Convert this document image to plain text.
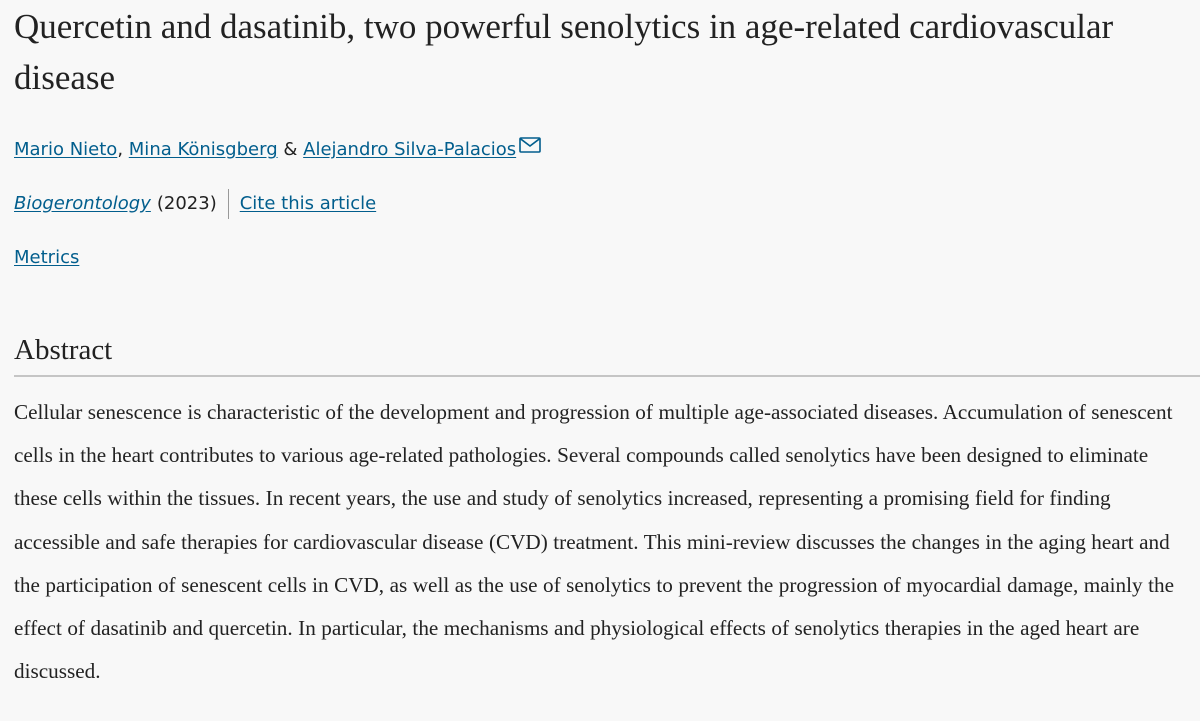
Quercetin and dasatinib, two powerful senolytics in age-related cardiovascular disease
Mario Nieto, Mina Könisgberg & Alejandro Silva-Palacios
Biogerontology (2023) Cite this article
Metrics
Abstract

Cellular senescence is characteristic of the development and progression of multiple age-associated diseases. Accumulation of senescent cells in the heart contributes to various age-related pathologies. Several compounds called senolytics have been designed to eliminate these cells within the tissues. In recent years, the use and study of senolytics increased, representing a promising field for finding accessible and safe therapies for cardiovascular disease (CVD) treatment. This mini-review discusses the changes in the aging heart and the participation of senescent cells in CVD, as well as the use of senolytics to prevent the progression of myocardial damage, mainly the effect of dasatinib and quercetin. In particular, the mechanisms and physiological effects of senolytics therapies in the aged heart are discussed.
